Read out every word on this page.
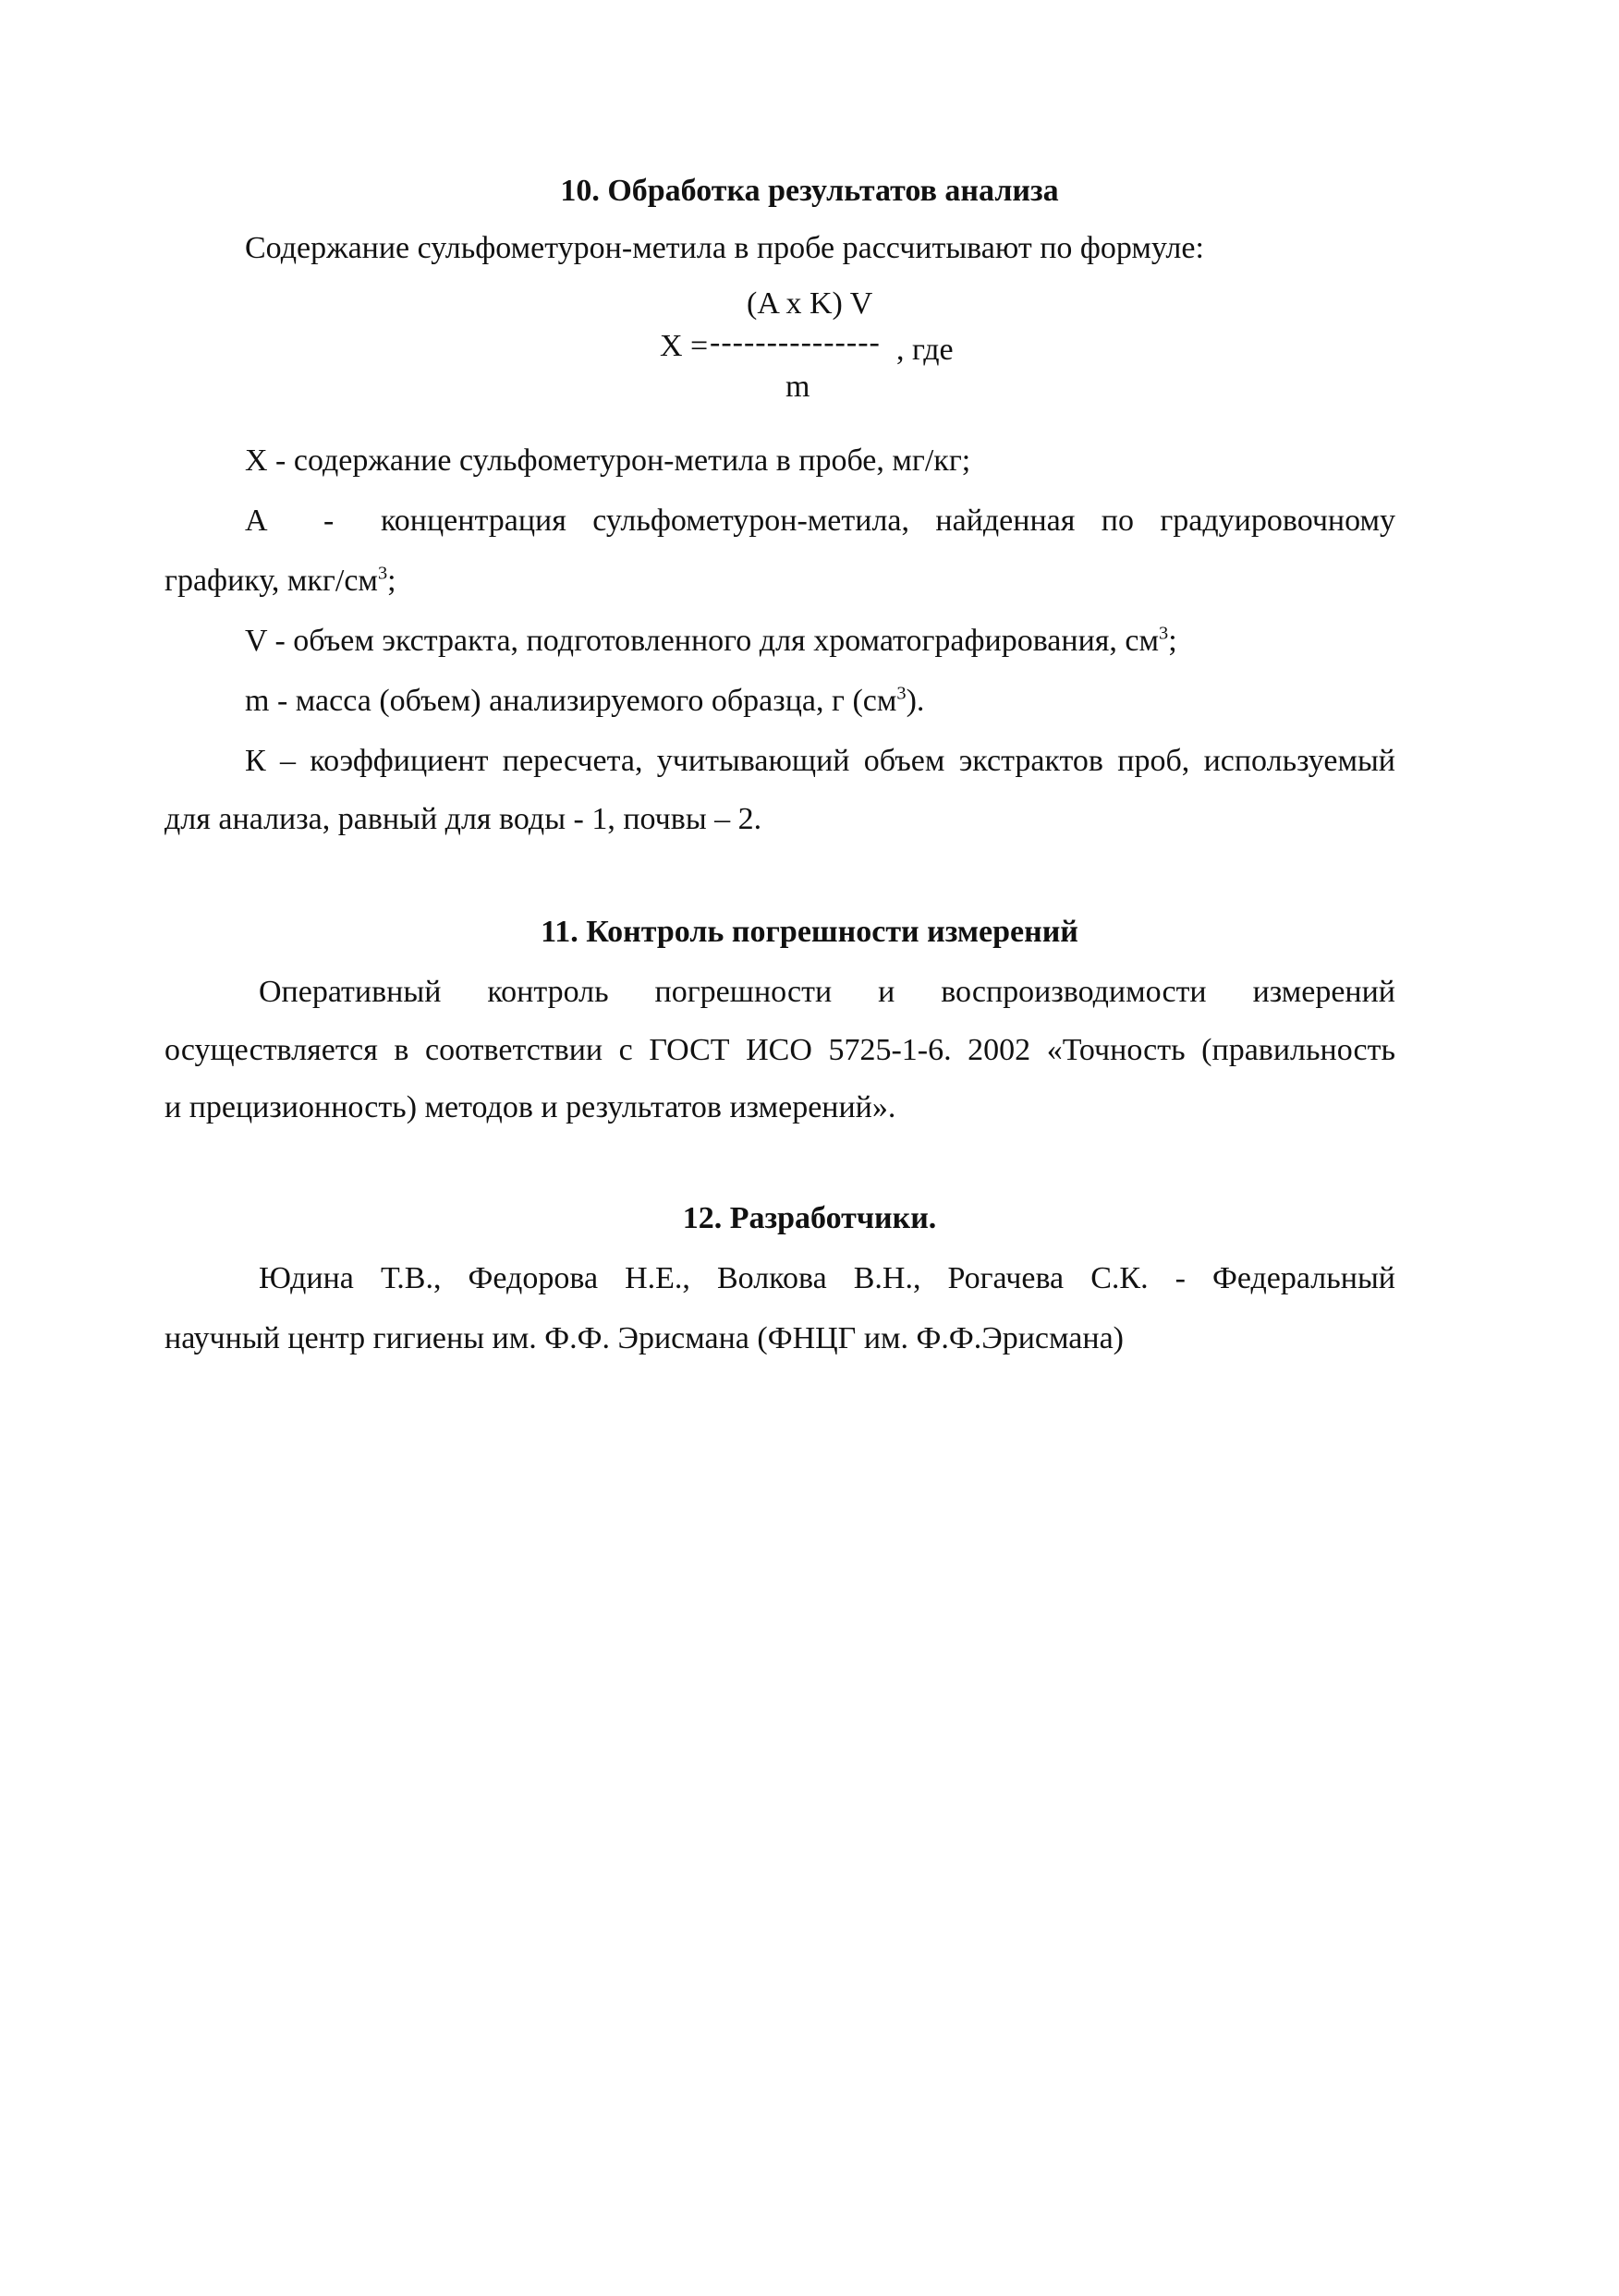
10. Обработка результатов анализа
Содержание сульфометурон-метила в пробе рассчитывают по формуле:
(A x K) V
X = --------------- , где
m
X - содержание сульфометурон-метила в пробе, мг/кг;
A - концентрация сульфометурон-метила, найденная по градуировочному
графику, мкг/$см^3$;
V - объем экстракта, подготовленного для хроматографирования, $см^3$;
m - масса (объем) анализируемого образца, г $(см^3)$.
К – коэффициент пересчета, учитывающий объем экстрактов проб, используемый
для анализа, равный для воды - 1, почвы – 2.
11. Контроль погрешности измерений
Оперативный контроль погрешности и воспроизводимости измерений
осуществляется в соответствии с ГОСТ ИСО 5725-1-6. 2002 «Точность (правильность
и прецизионность) методов и результатов измерений».
12. Разработчики.
Юдина Т.В., Федорова Н.Е., Волкова В.Н., Рогачева С.К. - Федеральный
научный центр гигиены им. Ф.Ф. Эрисмана (ФНЦГ им. Ф.Ф.Эрисмана)
